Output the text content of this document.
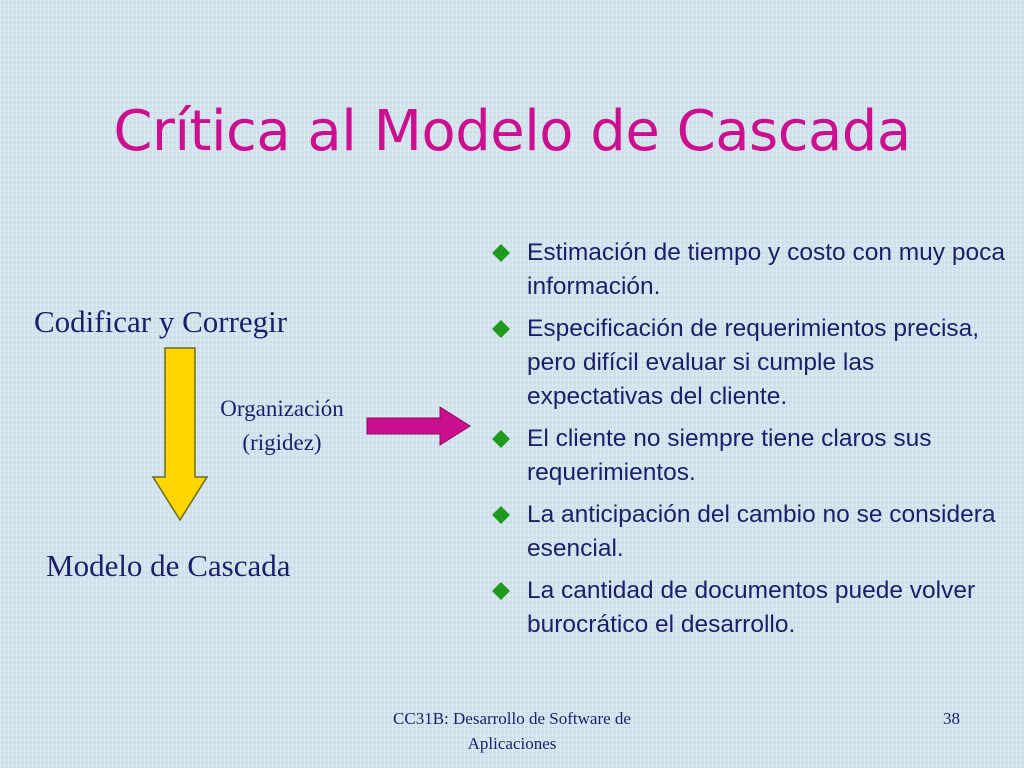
Crítica al Modelo de Cascada
Codificar y Corregir
Organización (rigidez)
Modelo de Cascada
Estimación de tiempo y costo con muy poca información.
Especificación de requerimientos precisa, pero difícil evaluar si cumple las expectativas del cliente.
El cliente no siempre tiene claros sus requerimientos.
La anticipación del cambio no se considera esencial.
La cantidad de documentos puede volver burocrático el desarrollo.
CC31B: Desarrollo de Software de Aplicaciones
38
